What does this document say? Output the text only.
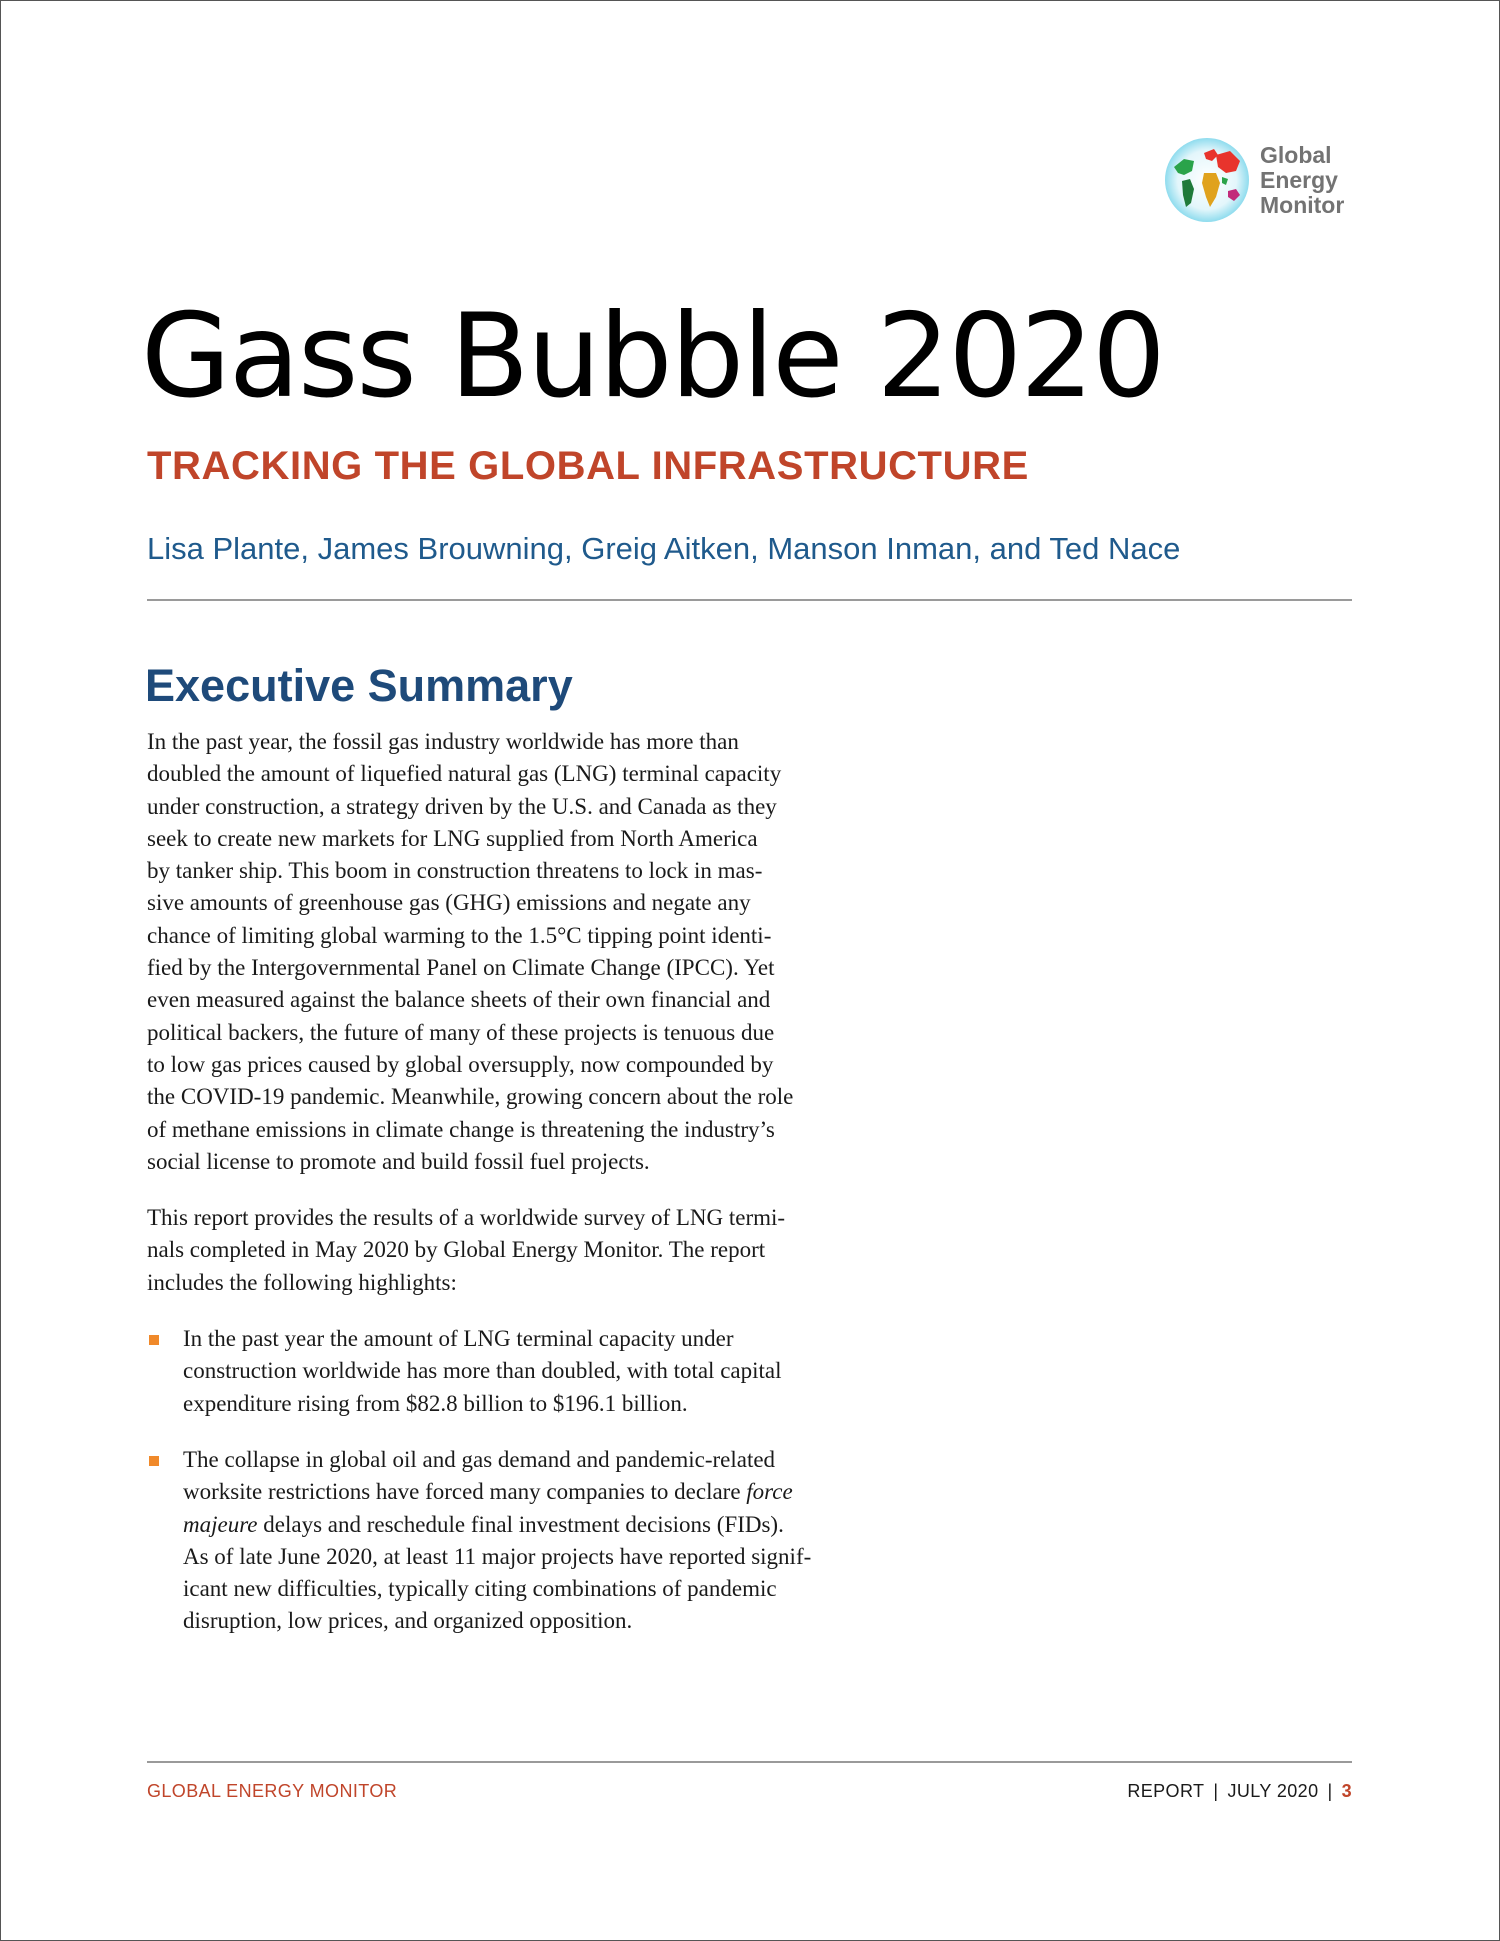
Global
Energy
Monitor
Gass Bubble 2020
TRACKING THE GLOBAL INFRASTRUCTURE

Lisa Plante, James Brouwning, Greig Aitken, Manson Inman, and Ted Nace

Executive Summary

In the past year, the fossil gas industry worldwide has more than
doubled the amount of liquefied natural gas (LNG) terminal capacity
under construction, a strategy driven by the U.S. and Canada as they
seek to create new markets for LNG supplied from North America
by tanker ship. This boom in construction threatens to lock in mas-
sive amounts of greenhouse gas (GHG) emissions and negate any
chance of limiting global warming to the 1.5°C tipping point identi-
fied by the Intergovernmental Panel on Climate Change (IPCC). Yet
even measured against the balance sheets of their own financial and
political backers, the future of many of these projects is tenuous due
to low gas prices caused by global oversupply, now compounded by
the COVID-19 pandemic. Meanwhile, growing concern about the role
of methane emissions in climate change is threatening the industry’s
social license to promote and build fossil fuel projects.

This report provides the results of a worldwide survey of LNG termi-
nals completed in May 2020 by Global Energy Monitor. The report
includes the following highlights:

In the past year the amount of LNG terminal capacity under
construction worldwide has more than doubled, with total capital
expenditure rising from $82.8 billion to $196.1 billion.
The collapse in global oil and gas demand and pandemic-related
worksite restrictions have forced many companies to declare force
majeure delays and reschedule final investment decisions (FIDs).
As of late June 2020, at least 11 major projects have reported signif-
icant new difficulties, typically citing combinations of pandemic
disruption, low prices, and organized opposition.
GLOBAL ENERGY MONITOR	REPORT | JULY 2020 | 3
